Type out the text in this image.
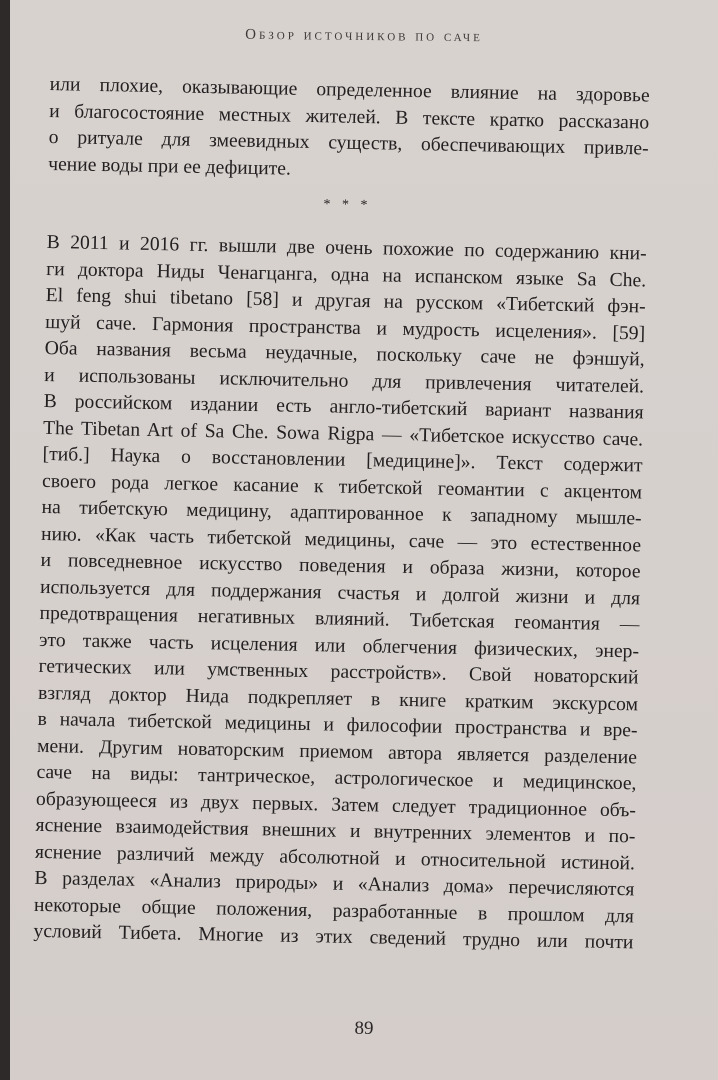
Обзор источников по саче
или плохие, оказывающие определенное влияние на здоровье
и благосостояние местных жителей. В тексте кратко рассказано
о ритуале для змеевидных существ, обеспечивающих привле-
чение воды при ее дефиците.
* * *
В 2011 и 2016 гг. вышли две очень похожие по содержанию кни-
ги доктора Ниды Ченагцанга, одна на испанском языке Sa Che.
El feng shui tibetano [58] и другая на русском «Тибетский фэн-
шуй саче. Гармония пространства и мудрость исцеления». [59]
Оба названия весьма неудачные, поскольку саче не фэншуй,
и использованы исключительно для привлечения читателей.
В российском издании есть англо-тибетский вариант названия
The Tibetan Art of Sa Che. Sowa Rigpa — «Тибетское искусство саче.
[тиб.] Наука о восстановлении [медицине]». Текст содержит
своего рода легкое касание к тибетской геомантии с акцентом
на тибетскую медицину, адаптированное к западному мышле-
нию. «Как часть тибетской медицины, саче — это естественное
и повседневное искусство поведения и образа жизни, которое
используется для поддержания счастья и долгой жизни и для
предотвращения негативных влияний. Тибетская геомантия —
это также часть исцеления или облегчения физических, энер-
гетических или умственных расстройств». Свой новаторский
взгляд доктор Нида подкрепляет в книге кратким экскурсом
в начала тибетской медицины и философии пространства и вре-
мени. Другим новаторским приемом автора является разделение
саче на виды: тантрическое, астрологическое и медицинское,
образующееся из двух первых. Затем следует традиционное объ-
яснение взаимодействия внешних и внутренних элементов и по-
яснение различий между абсолютной и относительной истиной.
В разделах «Анализ природы» и «Анализ дома» перечисляются
некоторые общие положения, разработанные в прошлом для
условий Тибета. Многие из этих сведений трудно или почти
89
